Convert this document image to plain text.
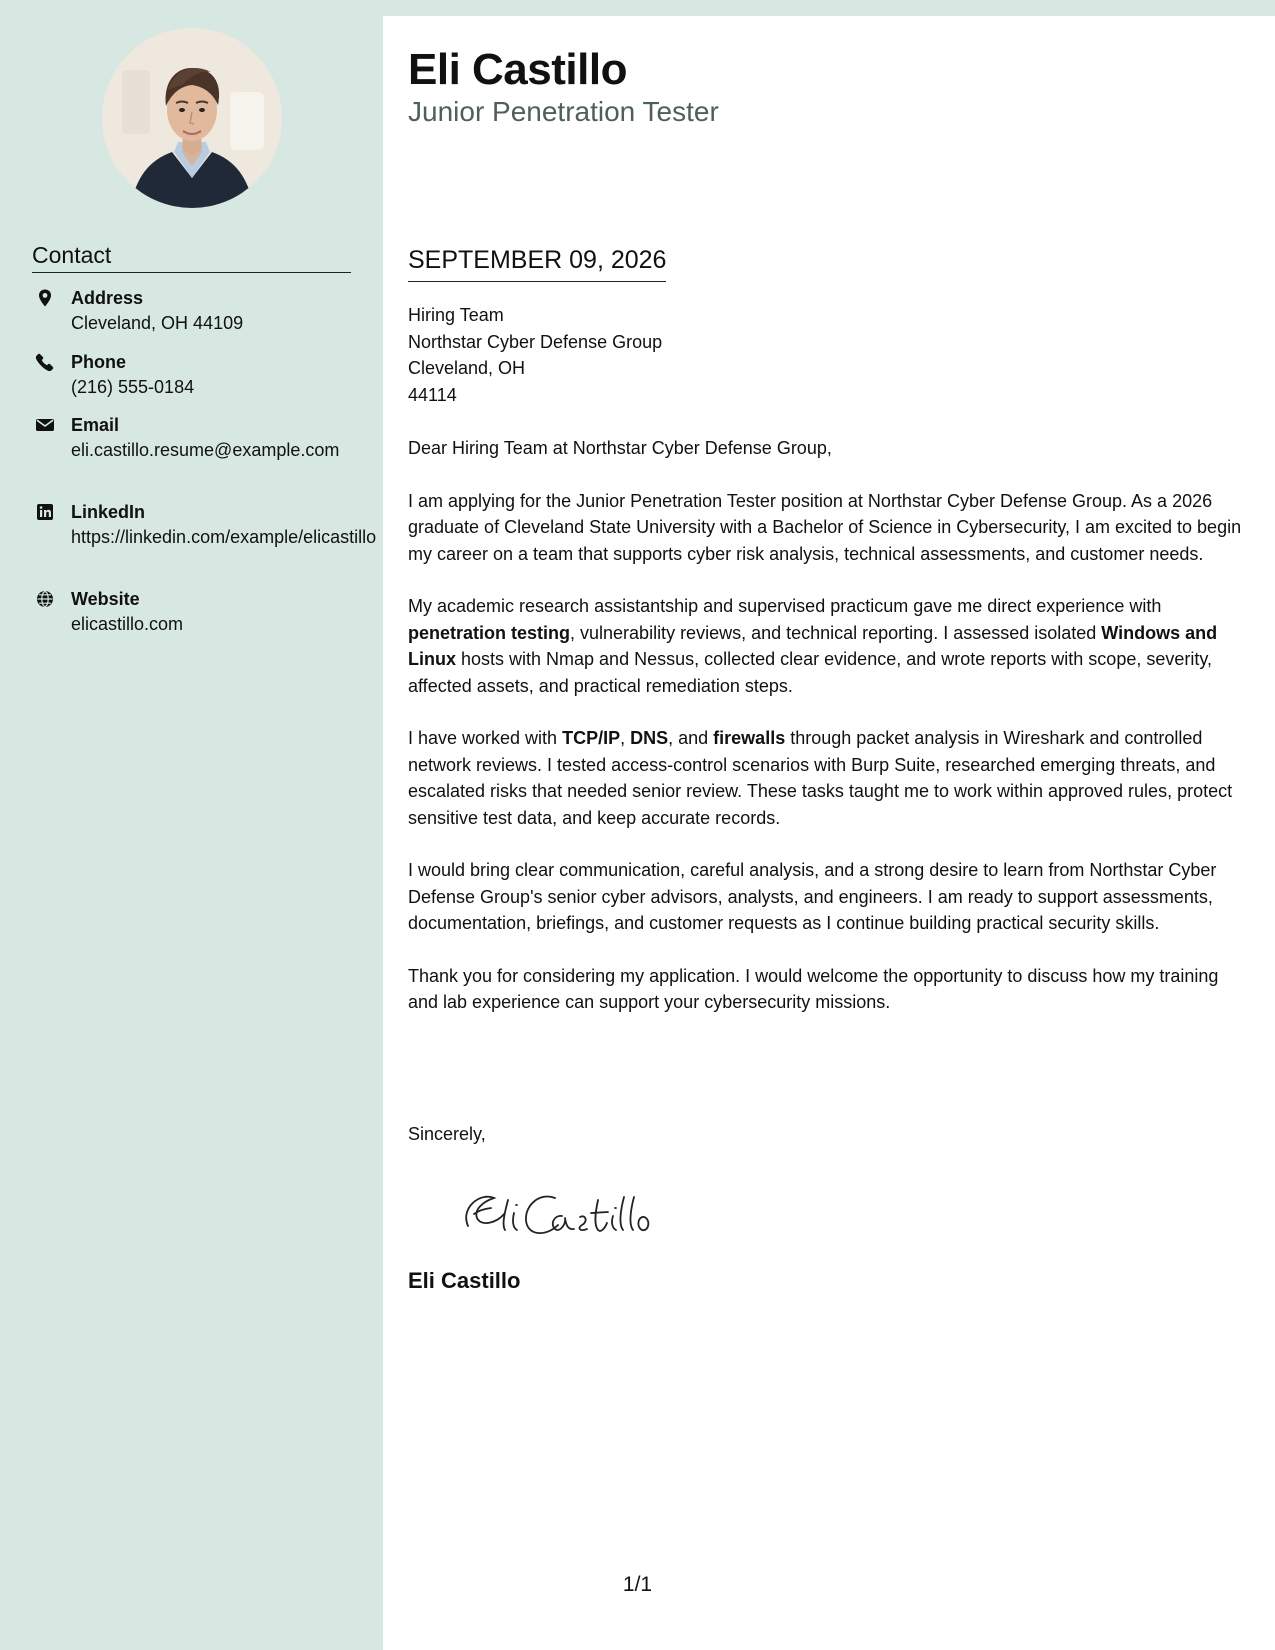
Contact
Address
Cleveland, OH 44109
Phone
(216) 555-0184
Email
eli.castillo.resume@example.com
LinkedIn
https://linkedin.com/example/elicastillo
Website
elicastillo.com
Eli Castillo
Junior Penetration Tester
SEPTEMBER 09, 2026
Hiring Team
Northstar Cyber Defense Group
Cleveland, OH
44114

Dear Hiring Team at Northstar Cyber Defense Group,

I am applying for the Junior Penetration Tester position at Northstar Cyber Defense Group. As a 2026 graduate of Cleveland State University with a Bachelor of Science in Cybersecurity, I am excited to begin my career on a team that supports cyber risk analysis, technical assessments, and customer needs.

My academic research assistantship and supervised practicum gave me direct experience with penetration testing, vulnerability reviews, and technical reporting. I assessed isolated Windows and Linux hosts with Nmap and Nessus, collected clear evidence, and wrote reports with scope, severity, affected assets, and practical remediation steps.

I have worked with TCP/IP, DNS, and firewalls through packet analysis in Wireshark and controlled network reviews. I tested access-control scenarios with Burp Suite, researched emerging threats, and escalated risks that needed senior review. These tasks taught me to work within approved rules, protect sensitive test data, and keep accurate records.

I would bring clear communication, careful analysis, and a strong desire to learn from Northstar Cyber Defense Group's senior cyber advisors, analysts, and engineers. I am ready to support assessments, documentation, briefings, and customer requests as I continue building practical security skills.

Thank you for considering my application. I would welcome the opportunity to discuss how my training and lab experience can support your cybersecurity missions.

Sincerely,
Eli Castillo
1/1
